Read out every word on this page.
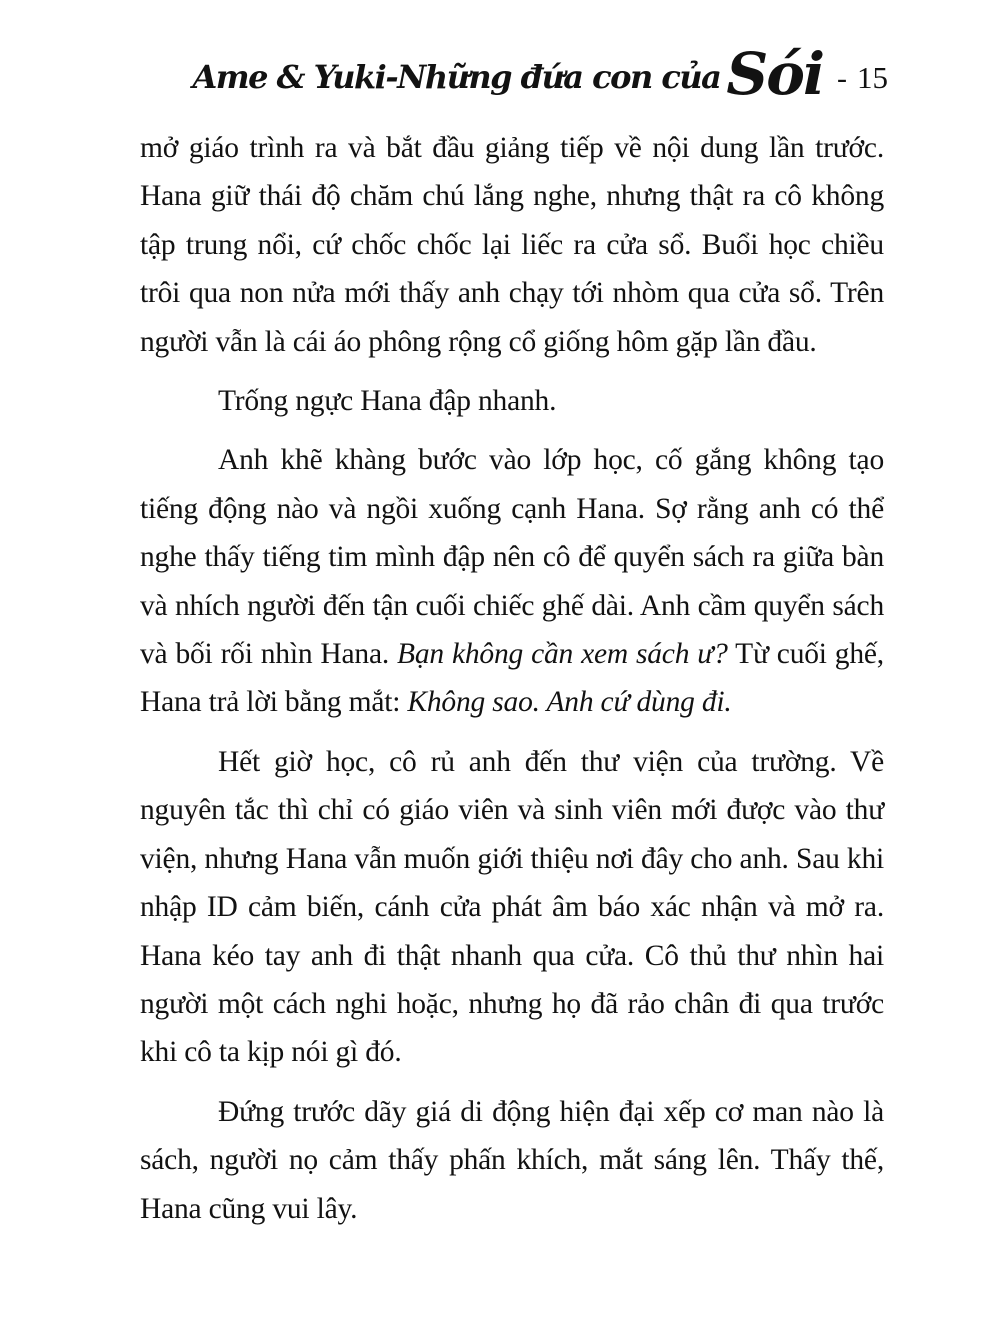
Ame & Yuki-Những đứa con của Sói - 15

mở giáo trình ra và bắt đầu giảng tiếp về nội dung lần trước. Hana giữ thái độ chăm chú lắng nghe, nhưng thật ra cô không tập trung nổi, cứ chốc chốc lại liếc ra cửa sổ. Buổi học chiều trôi qua non nửa mới thấy anh chạy tới nhòm qua cửa sổ. Trên người vẫn là cái áo phông rộng cổ giống hôm gặp lần đầu.

Trống ngực Hana đập nhanh.

Anh khẽ khàng bước vào lớp học, cố gắng không tạo tiếng động nào và ngồi xuống cạnh Hana. Sợ rằng anh có thể nghe thấy tiếng tim mình đập nên cô để quyển sách ra giữa bàn và nhích người đến tận cuối chiếc ghế dài. Anh cầm quyển sách và bối rối nhìn Hana. Bạn không cần xem sách ư? Từ cuối ghế, Hana trả lời bằng mắt: Không sao. Anh cứ dùng đi.

Hết giờ học, cô rủ anh đến thư viện của trường. Về nguyên tắc thì chỉ có giáo viên và sinh viên mới được vào thư viện, nhưng Hana vẫn muốn giới thiệu nơi đây cho anh. Sau khi nhập ID cảm biến, cánh cửa phát âm báo xác nhận và mở ra. Hana kéo tay anh đi thật nhanh qua cửa. Cô thủ thư nhìn hai người một cách nghi hoặc, nhưng họ đã rảo chân đi qua trước khi cô ta kịp nói gì đó.

Đứng trước dãy giá di động hiện đại xếp cơ man nào là sách, người nọ cảm thấy phấn khích, mắt sáng lên. Thấy thế, Hana cũng vui lây.
